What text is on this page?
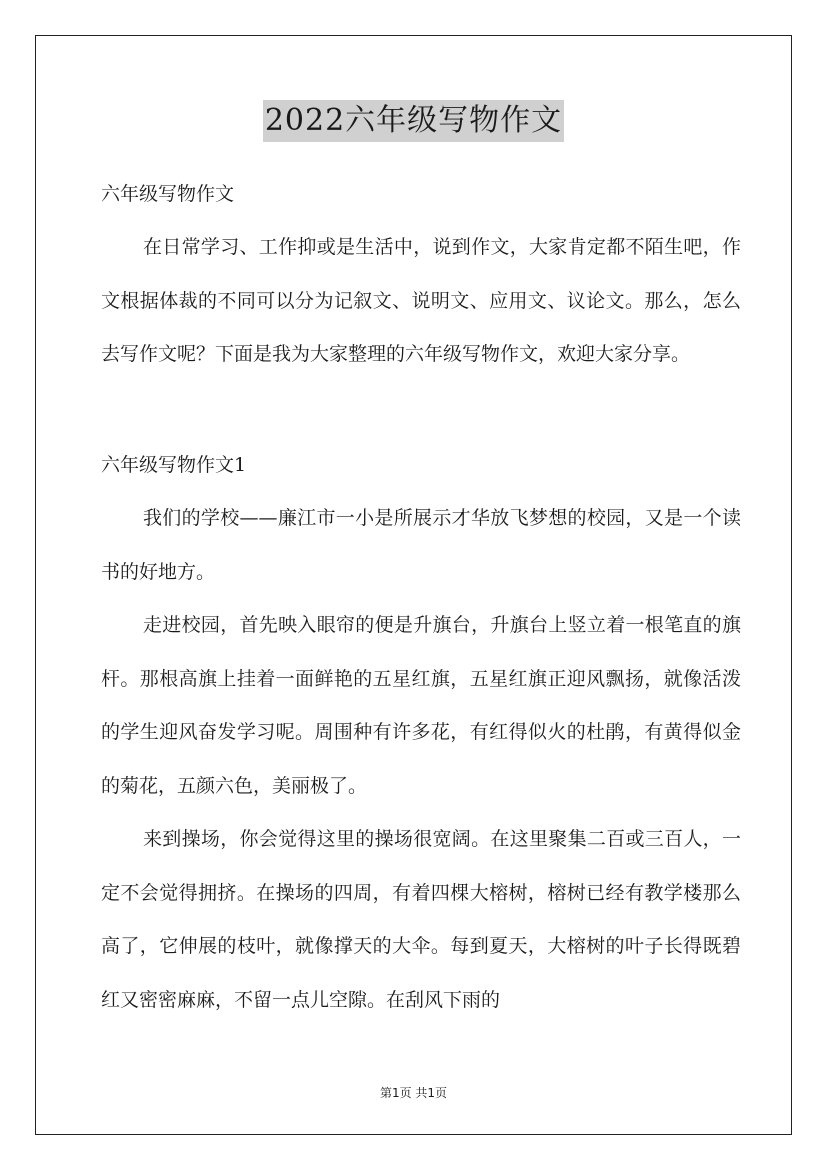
2022六年级写物作文
六年级写物作文

在日常学习、工作抑或是生活中，说到作文，大家肯定都不陌生吧，作文根据体裁的不同可以分为记叙文、说明文、应用文、议论文。那么，怎么去写作文呢？下面是我为大家整理的六年级写物作文，欢迎大家分享。

六年级写物作文1

我们的学校——廉江市一小是所展示才华放飞梦想的校园，又是一个读书的好地方。

走进校园，首先映入眼帘的便是升旗台，升旗台上竖立着一根笔直的旗杆。那根高旗上挂着一面鲜艳的五星红旗，五星红旗正迎风飘扬，就像活泼的学生迎风奋发学习呢。周围种有许多花，有红得似火的杜鹃，有黄得似金的菊花，五颜六色，美丽极了。

来到操场，你会觉得这里的操场很宽阔。在这里聚集二百或三百人，一定不会觉得拥挤。在操场的四周，有着四棵大榕树，榕树已经有教学楼那么高了，它伸展的枝叶，就像撑天的大伞。每到夏天，大榕树的叶子长得既碧红又密密麻麻，不留一点儿空隙。在刮风下雨的

第1页 共1页
